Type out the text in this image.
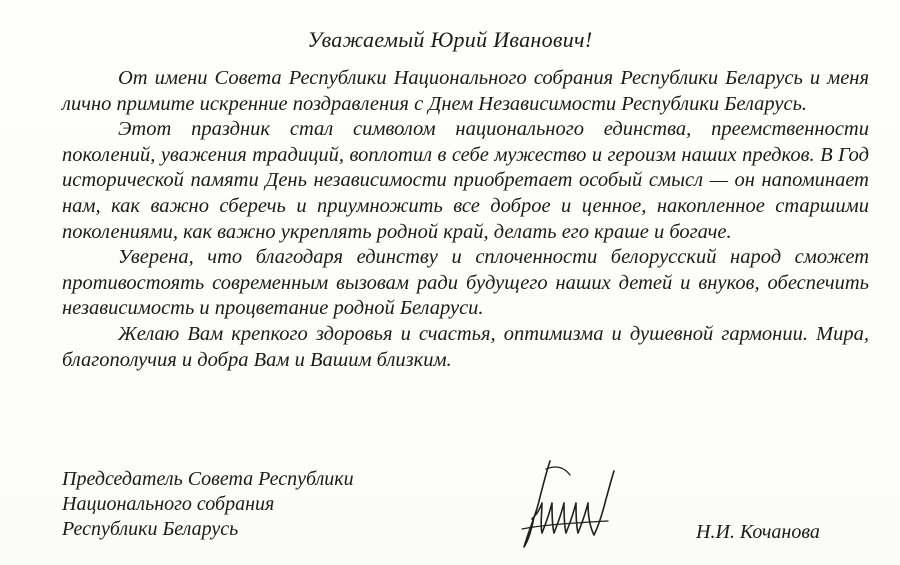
Уважаемый Юрий Иванович!

От имени Совета Республики Национального собрания Республики Беларусь и меня лично примите искренние поздравления с Днем Независимости Республики Беларусь.

Этот праздник стал символом национального единства, преемственности поколений, уважения традиций, воплотил в себе мужество и героизм наших предков. В Год исторической памяти День независимости приобретает особый смысл — он напоминает нам, как важно сберечь и приумножить все доброе и ценное, накопленное старшими поколениями, как важно укреплять родной край, делать его краше и богаче.

Уверена, что благодаря единству и сплоченности белорусский народ сможет противостоять современным вызовам ради будущего наших детей и внуков, обеспечить независимость и процветание родной Беларуси.

Желаю Вам крепкого здоровья и счастья, оптимизма и душевной гармонии. Мира, благополучия и добра Вам и Вашим близким.

Председатель Совета Республики
Национального собрания
Республики Беларусь	Н.И. Кочанова
